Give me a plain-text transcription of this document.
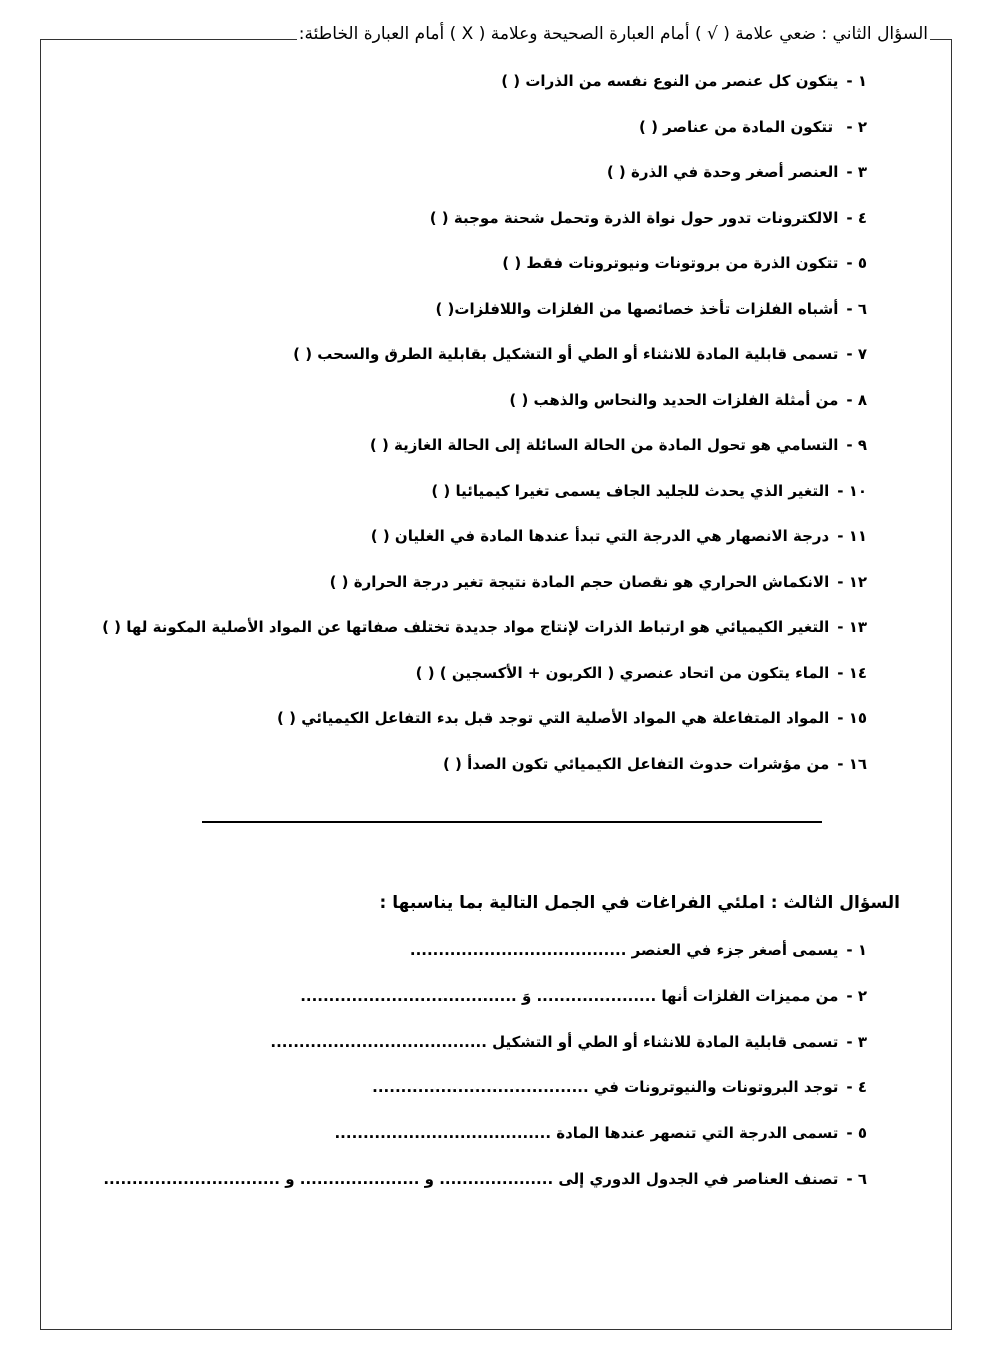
السؤال الثاني : ضعي علامة ( √ ) أمام العبارة الصحيحة وعلامة ( X ) أمام العبارة الخاطئة:
١ -يتكون كل عنصر من النوع نفسه من الذرات ( )
٢ - تتكون المادة من عناصر ( )
٣ -العنصر أصغر وحدة في الذرة ( )
٤ -الالكترونات تدور حول نواة الذرة وتحمل شحنة موجبة ( )
٥ -تتكون الذرة من بروتونات ونيوترونات فقط ( )
٦ -أشباه الفلزات تأخذ خصائصها من الفلزات واللافلزات( )
٧ -تسمى قابلية المادة للانثناء أو الطي أو التشكيل بقابلية الطرق والسحب ( )
٨ -من أمثلة الفلزات الحديد والنحاس والذهب ( )
٩ -التسامي هو تحول المادة من الحالة السائلة إلى الحالة الغازية ( )
١٠ -التغير الذي يحدث للجليد الجاف يسمى تغيرا كيميائيا ( )
١١ -درجة الانصهار هي الدرجة التي تبدأ عندها المادة في الغليان ( )
١٢ -الانكماش الحراري هو نقصان حجم المادة نتيجة تغير درجة الحرارة ( )
١٣ -التغير الكيميائي هو ارتباط الذرات لإنتاج مواد جديدة تختلف صفاتها عن المواد الأصلية المكونة لها ( )
١٤ -الماء يتكون من اتحاد عنصري ( الكربون + الأكسجين ) ( )
١٥ -المواد المتفاعلة هي المواد الأصلية التي توجد قبل بدء التفاعل الكيميائي ( )
١٦ -من مؤشرات حدوث التفاعل الكيميائي تكون الصدأ ( )
السؤال الثالث : املئي الفراغات في الجمل التالية بما يناسبها :
١ -يسمى أصغر جزء في العنصر ......................................
٢ -من مميزات الفلزات أنها ..................... وَ ......................................
٣ -تسمى قابلية المادة للانثناء أو الطي أو التشكيل ......................................
٤ -توجد البروتونات والنيوترونات في ......................................
٥ -تسمى الدرجة التي تنصهر عندها المادة ......................................
٦ -تصنف العناصر في الجدول الدوري إلى .................... و ..................... و ...............................
